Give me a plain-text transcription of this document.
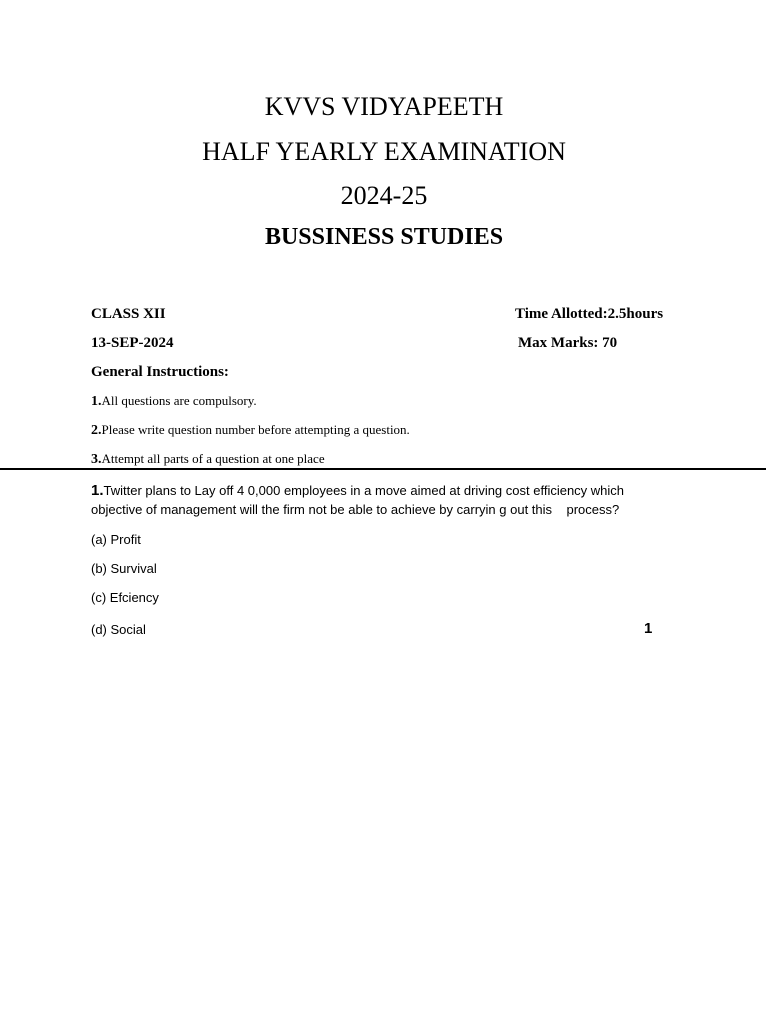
KVVS VIDYAPEETH
HALF YEARLY EXAMINATION
2024-25
BUSSINESS STUDIES
CLASS XII	Time Allotted:2.5hours
13-SEP-2024	Max Marks: 70
General Instructions:
1.All questions are compulsory.
2.Please write question number before attempting a question.
3.Attempt all parts of a question at one place
1.Twitter plans to Lay off 4 0,000 employees in a move aimed at driving cost efficiency which
objective of management will the firm not be able to achieve by carryin g out this    process?
(a) Profit
(b) Survival
(c) Efciency
(d) Social	1
